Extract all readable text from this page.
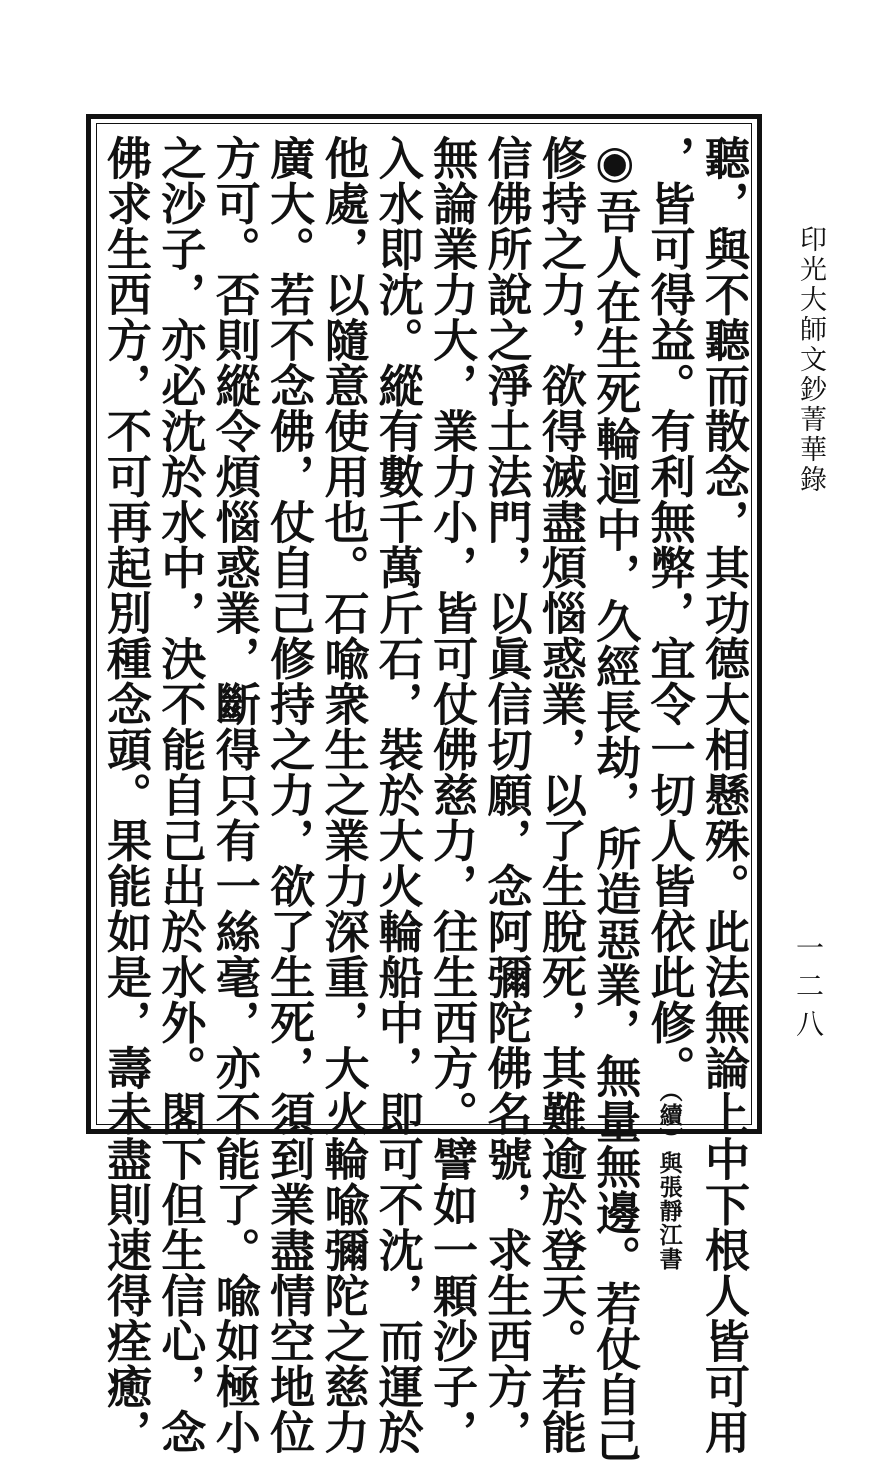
印光大師文鈔菁華錄
一二八
聽，與不聽而散念，其功德大相懸殊。此法無論上中下根人皆可用
，皆可得益。有利無弊，宜令一切人皆依此修。（續）與張靜江書
◉吾人在生死輪迴中，久經長劫，所造惡業，無量無邊。若仗自己
修持之力，欲得滅盡煩惱惑業，以了生脫死，其難逾於登天。若能
信佛所說之淨土法門，以眞信切願，念阿彌陀佛名號，求生西方，
無論業力大，業力小，皆可仗佛慈力，往生西方。譬如一顆沙子，
入水即沈。縱有數千萬斤石，裝於大火輪船中，即可不沈，而運於
他處，以隨意使用也。石喩衆生之業力深重，大火輪喩彌陀之慈力
廣大。若不念佛，仗自己修持之力，欲了生死，須到業盡情空地位
方可。否則縱令煩惱惑業，斷得只有一絲毫，亦不能了。喩如極小
之沙子，亦必沈於水中，決不能自己出於水外。閣下但生信心，念
佛求生西方，不可再起別種念頭。果能如是，壽未盡則速得痊癒，
